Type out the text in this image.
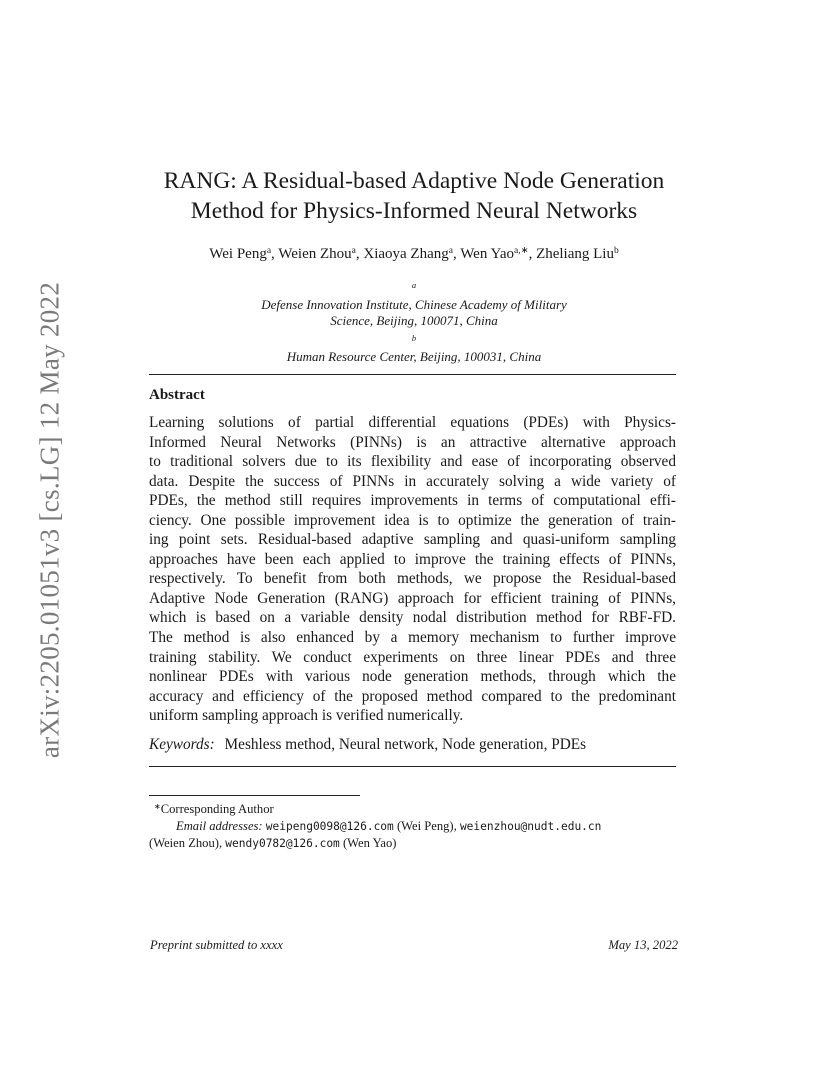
arXiv:2205.01051v3 [cs.LG] 12 May 2022
RANG: A Residual-based Adaptive Node Generation
Method for Physics-Informed Neural Networks
Wei Peng$^a$, Weien Zhou$^a$, Xiaoya Zhang$^a$, Wen Yao$^{a,∗}$, Zheliang Liu$^b$
$^a$
Defense Innovation Institute, Chinese Academy of Military
Science, Beijing, 100071, China
$^b$
Human Resource Center, Beijing, 100031, China
Abstract
Learning solutions of partial differential equations (PDEs) with Physics-
Informed Neural Networks (PINNs) is an attractive alternative approach
to traditional solvers due to its flexibility and ease of incorporating observed
data. Despite the success of PINNs in accurately solving a wide variety of
PDEs, the method still requires improvements in terms of computational effi-
ciency. One possible improvement idea is to optimize the generation of train-
ing point sets. Residual-based adaptive sampling and quasi-uniform sampling
approaches have been each applied to improve the training effects of PINNs,
respectively. To benefit from both methods, we propose the Residual-based
Adaptive Node Generation (RANG) approach for efficient training of PINNs,
which is based on a variable density nodal distribution method for RBF-FD.
The method is also enhanced by a memory mechanism to further improve
training stability. We conduct experiments on three linear PDEs and three
nonlinear PDEs with various node generation methods, through which the
accuracy and efficiency of the proposed method compared to the predominant
uniform sampling approach is verified numerically.
Keywords: Meshless method, Neural network, Node generation, PDEs
∗Corresponding Author
Email addresses: weipeng0098@126.com (Wei Peng), weienzhou@nudt.edu.cn
(Weien Zhou), wendy0782@126.com (Wen Yao)
Preprint submitted to xxxx	May 13, 2022
